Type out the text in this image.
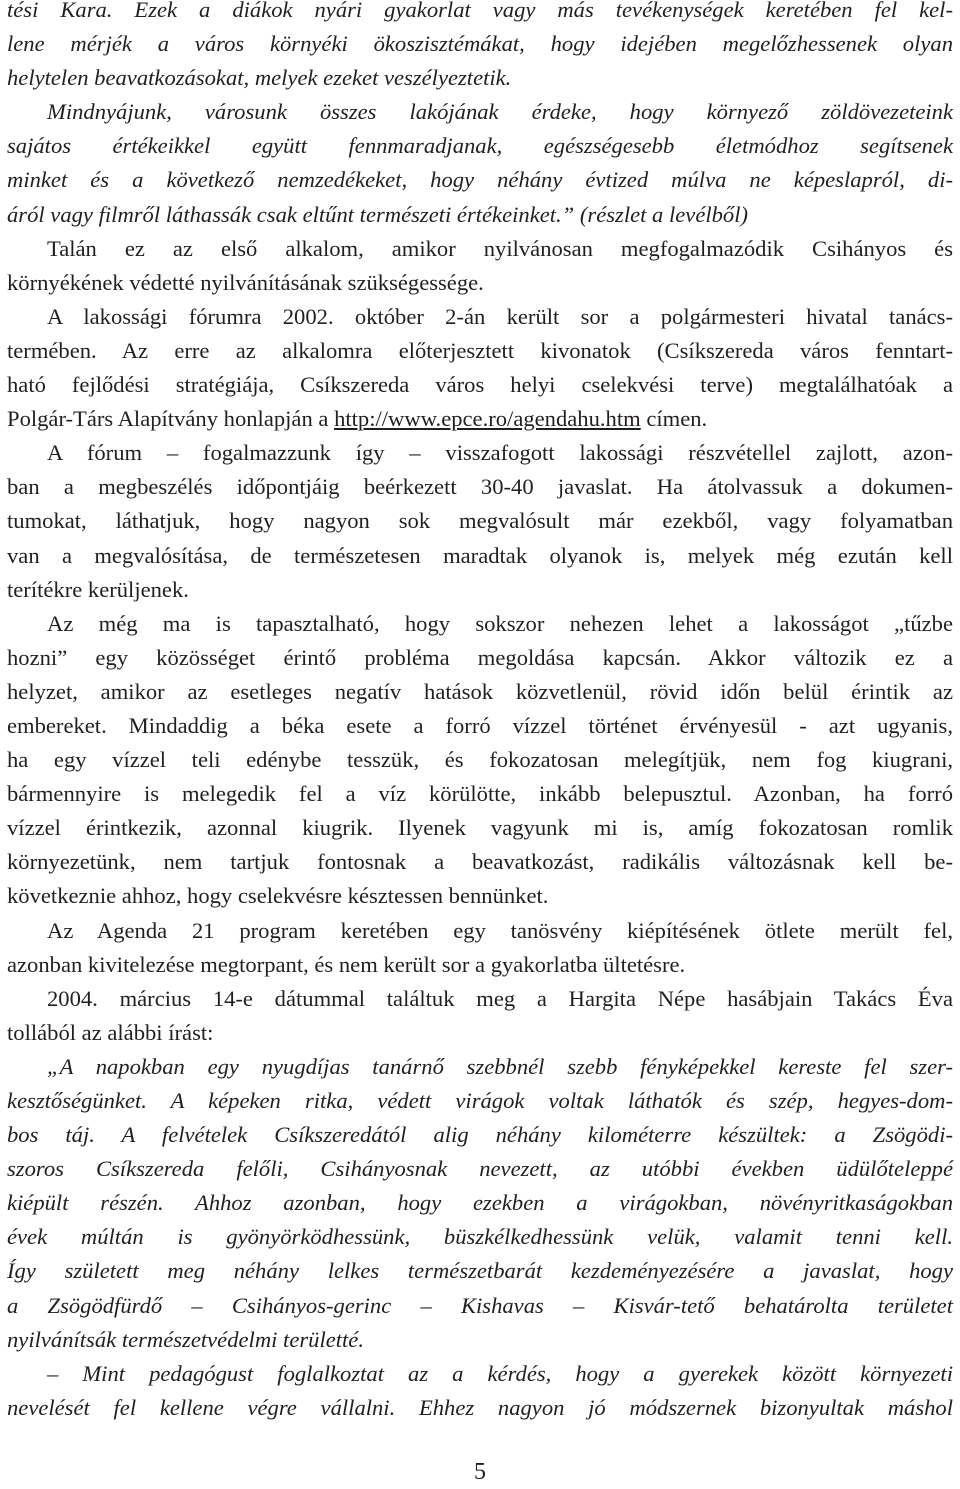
tési Kara. Ezek a diákok nyári gyakorlat vagy más tevékenységek keretében fel kel-
lene mérjék a város környéki ökoszisztémákat, hogy idejében megelőzhessenek olyan
helytelen beavatkozásokat, melyek ezeket veszélyeztetik.
Mindnyájunk, városunk összes lakójának érdeke, hogy környező zöldövezeteink
sajátos értékeikkel együtt fennmaradjanak, egészségesebb életmódhoz segítsenek
minket és a következő nemzedékeket, hogy néhány évtized múlva ne képeslapról, di-
áról vagy filmről láthassák csak eltűnt természeti értékeinket.” (részlet a levélből)
Talán ez az első alkalom, amikor nyilvánosan megfogalmazódik Csihányos és
környékének védetté nyilvánításának szükségessége.
A lakossági fórumra 2002. október 2-án került sor a polgármesteri hivatal tanács-
termében. Az erre az alkalomra előterjesztett kivonatok (Csíkszereda város fenntart-
ható fejlődési stratégiája, Csíkszereda város helyi cselekvési terve) megtalálhatóak a
Polgár-Társ Alapítvány honlapján a http://www.epce.ro/agendahu.htm címen.
A fórum – fogalmazzunk így – visszafogott lakossági részvétellel zajlott, azon-
ban a megbeszélés időpontjáig beérkezett 30-40 javaslat. Ha átolvassuk a dokumen-
tumokat, láthatjuk, hogy nagyon sok megvalósult már ezekből, vagy folyamatban
van a megvalósítása, de természetesen maradtak olyanok is, melyek még ezután kell
terítékre kerüljenek.
Az még ma is tapasztalható, hogy sokszor nehezen lehet a lakosságot „tűzbe
hozni” egy közösséget érintő probléma megoldása kapcsán. Akkor változik ez a
helyzet, amikor az esetleges negatív hatások közvetlenül, rövid időn belül érintik az
embereket. Mindaddig a béka esete a forró vízzel történet érvényesül - azt ugyanis,
ha egy vízzel teli edénybe tesszük, és fokozatosan melegítjük, nem fog kiugrani,
bármennyire is melegedik fel a víz körülötte, inkább belepusztul. Azonban, ha forró
vízzel érintkezik, azonnal kiugrik. Ilyenek vagyunk mi is, amíg fokozatosan romlik
környezetünk, nem tartjuk fontosnak a beavatkozást, radikális változásnak kell be-
következnie ahhoz, hogy cselekvésre késztessen bennünket.
Az Agenda 21 program keretében egy tanösvény kiépítésének ötlete merült fel,
azonban kivitelezése megtorpant, és nem került sor a gyakorlatba ültetésre.
2004. március 14-e dátummal találtuk meg a Hargita Népe hasábjain Takács Éva
tollából az alábbi írást:
„A napokban egy nyugdíjas tanárnő szebbnél szebb fényképekkel kereste fel szer-
kesztőségünket. A képeken ritka, védett virágok voltak láthatók és szép, hegyes-dom-
bos táj. A felvételek Csíkszeredától alig néhány kilométerre készültek: a Zsögödi-
szoros Csíkszereda felőli, Csihányosnak nevezett, az utóbbi években üdülőteleppé
kiépült részén. Ahhoz azonban, hogy ezekben a virágokban, növényritkaságokban
évek múltán is gyönyörködhessünk, büszkélkedhessünk velük, valamit tenni kell.
Így született meg néhány lelkes természetbarát kezdeményezésére a javaslat, hogy
a Zsögödfürdő – Csihányos-gerinc – Kishavas – Kisvár-tető behatárolta területet
nyilvánítsák természetvédelmi területté.
– Mint pedagógust foglalkoztat az a kérdés, hogy a gyerekek között környezeti
nevelését fel kellene végre vállalni. Ehhez nagyon jó módszernek bizonyultak máshol
5
